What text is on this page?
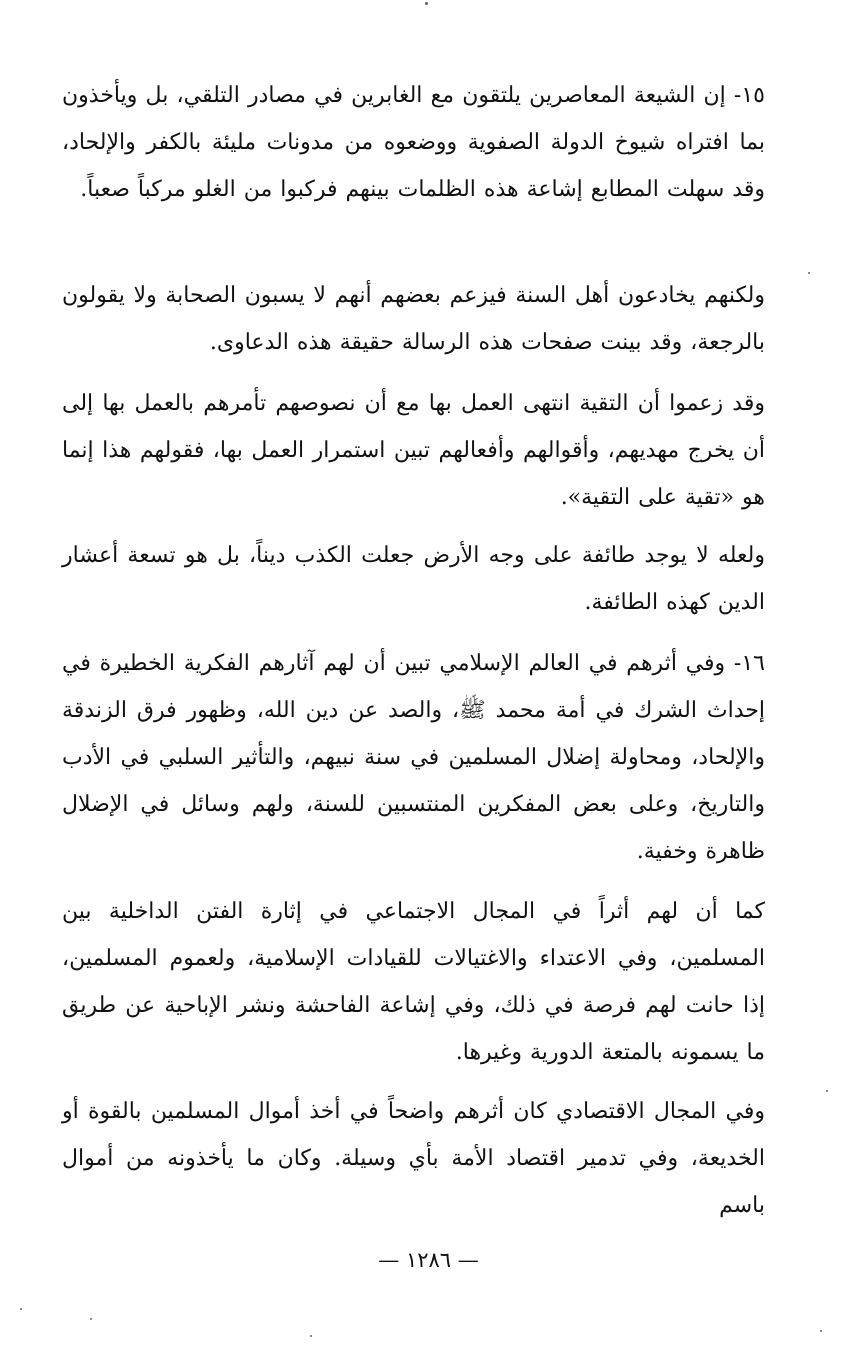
١٥- إن الشيعة المعاصرين يلتقون مع الغابرين في مصادر التلقي، بل ويأخذون بما افتراه شيوخ الدولة الصفوية ووضعوه من مدونات مليئة بالكفر والإلحاد، وقد سهلت المطابع إشاعة هذه الظلمات بينهم فركبوا من الغلو مركباً صعباً.
ولكنهم يخادعون أهل السنة فيزعم بعضهم أنهم لا يسبون الصحابة ولا يقولون بالرجعة، وقد بينت صفحات هذه الرسالة حقيقة هذه الدعاوى.
وقد زعموا أن التقية انتهى العمل بها مع أن نصوصهم تأمرهم بالعمل بها إلى أن يخرج مهديهم، وأقوالهم وأفعالهم تبين استمرار العمل بها، فقولهم هذا إنما هو «تقية على التقية».
ولعله لا يوجد طائفة على وجه الأرض جعلت الكذب ديناً، بل هو تسعة أعشار الدين كهذه الطائفة.
١٦- وفي أثرهم في العالم الإسلامي تبين أن لهم آثارهم الفكرية الخطيرة في إحداث الشرك في أمة محمد ﷺ، والصد عن دين الله، وظهور فرق الزندقة والإلحاد، ومحاولة إضلال المسلمين في سنة نبيهم، والتأثير السلبي في الأدب والتاريخ، وعلى بعض المفكرين المنتسبين للسنة، ولهم وسائل في الإضلال ظاهرة وخفية.
كما أن لهم أثراً في المجال الاجتماعي في إثارة الفتن الداخلية بين المسلمين، وفي الاعتداء والاغتيالات للقيادات الإسلامية، ولعموم المسلمين، إذا حانت لهم فرصة في ذلك، وفي إشاعة الفاحشة ونشر الإباحية عن طريق ما يسمونه بالمتعة الدورية وغيرها.
وفي المجال الاقتصادي كان أثرهم واضحاً في أخذ أموال المسلمين بالقوة أو الخديعة، وفي تدمير اقتصاد الأمة بأي وسيلة. وكان ما يأخذونه من أموال باسم
— ١٢٨٦ —
